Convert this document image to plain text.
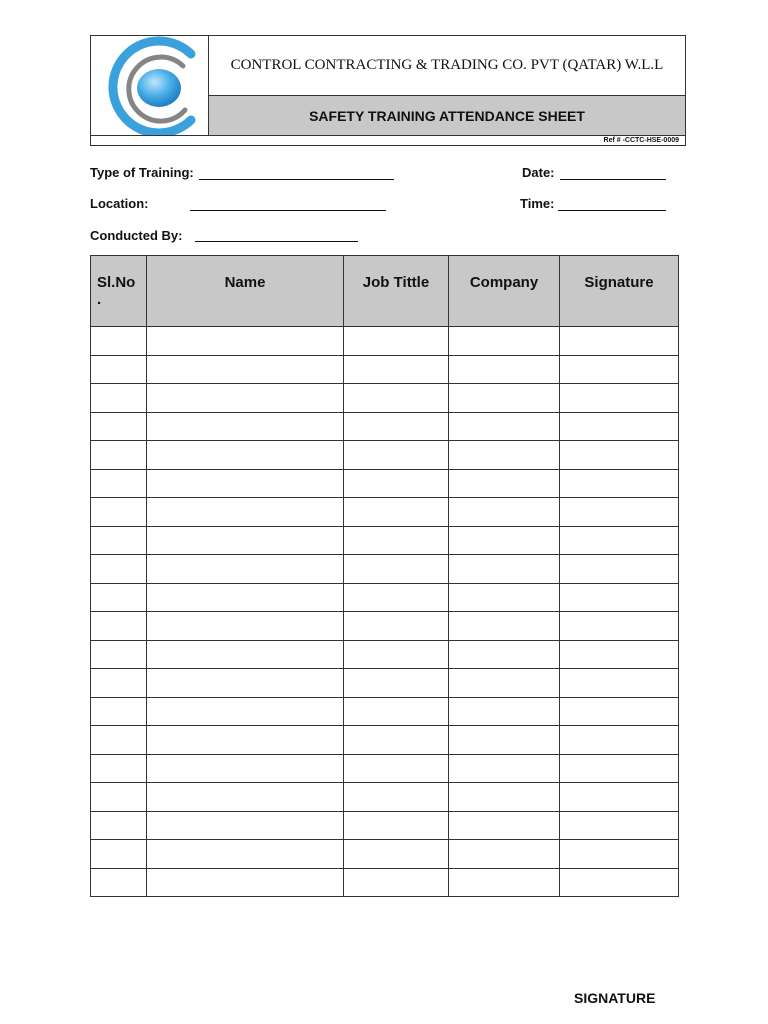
CONTROL CONTRACTING & TRADING CO. PVT (QATAR) W.L.L
SAFETY TRAINING ATTENDANCE SHEET
Ref # -CCTC-HSE-0009
Type of Training:	Date:
Location:	Time:
Conducted By:
Sl.No .	Name	Job Tittle	Company	Signature

SIGNATURE
